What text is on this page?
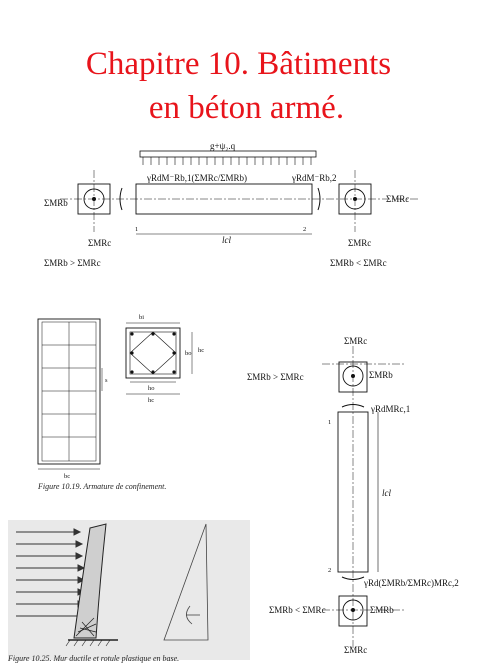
Chapitre 10. Bâtiments
en béton armé.
g+ψ₂.q
γRdM⁻Rb,1(ΣMRc/ΣMRb)	γRdM⁻Rb,2
ΣMRb
ΣMRc
ΣMRc
ΣMRc
ΣMRb > ΣMRc	ΣMRb < ΣMRc
1	2
lcl
s
bc
bi
bo hc
ho
hc
Figure 10.19. Armature de confinement.
ΣMRc
ΣMRb > ΣMRc	ΣMRb
γRdMRc,1
1
lcl
2
γRd(ΣMRb/ΣMRc)MRc,2
ΣMRb < ΣMRc	ΣMRb
ΣMRc
Figure 10.25. Mur ductile et rotule plastique en base.
